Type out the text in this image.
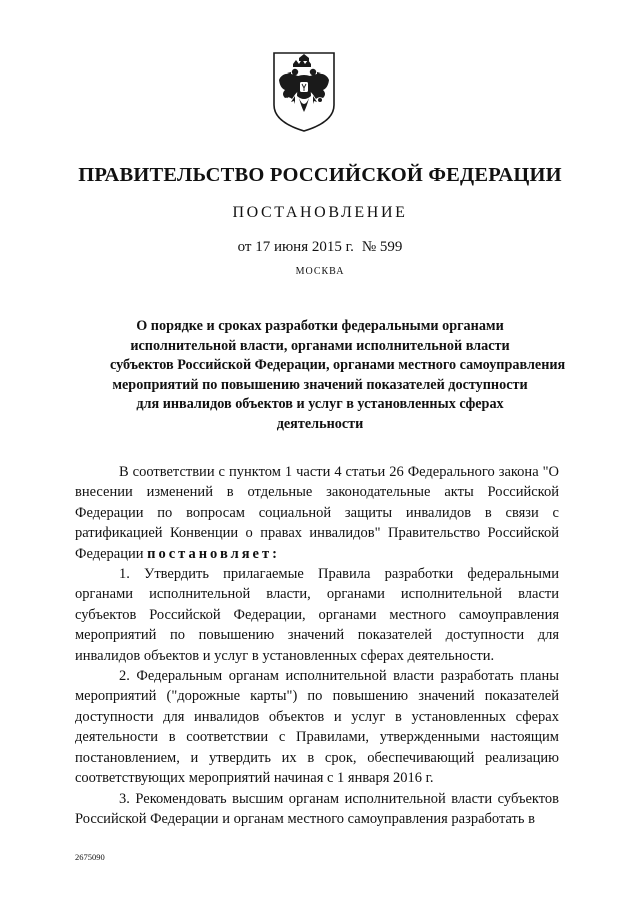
ПРАВИТЕЛЬСТВО РОССИЙСКОЙ ФЕДЕРАЦИИ
ПОСТАНОВЛЕНИЕ
от 17 июня 2015 г. № 599
МОСКВА
О порядке и сроках разработки федеральными органами
исполнительной власти, органами исполнительной власти
субъектов Российской Федерации, органами местного самоуправления
мероприятий по повышению значений показателей доступности
для инвалидов объектов и услуг в установленных сферах
деятельности

В соответствии с пунктом 1 части 4 статьи 26 Федерального закона "О внесении изменений в отдельные законодательные акты Российской Федерации по вопросам социальной защиты инвалидов в связи с ратификацией Конвенции о правах инвалидов" Правительство Российской Федерации постановляет:

1. Утвердить прилагаемые Правила разработки федеральными органами исполнительной власти, органами исполнительной власти субъектов Российской Федерации, органами местного самоуправления мероприятий по повышению значений показателей доступности для инвалидов объектов и услуг в установленных сферах деятельности.

2. Федеральным органам исполнительной власти разработать планы мероприятий ("дорожные карты") по повышению значений показателей доступности для инвалидов объектов и услуг в установленных сферах деятельности в соответствии с Правилами, утвержденными настоящим постановлением, и утвердить их в срок, обеспечивающий реализацию соответствующих мероприятий начиная с 1 января 2016 г.

3. Рекомендовать высшим органам исполнительной власти субъектов Российской Федерации и органам местного самоуправления разработать в

2675090
